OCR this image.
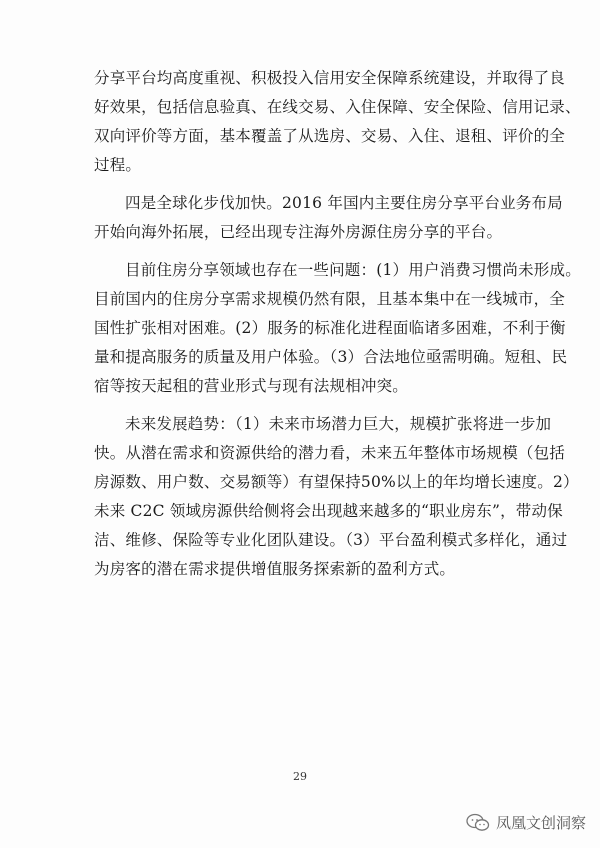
分享平台均高度重视、积极投入信用安全保障系统建设，并取得了良
好效果，包括信息验真、在线交易、入住保障、安全保险、信用记录、
双向评价等方面，基本覆盖了从选房、交易、入住、退租、评价的全
过程。
四是全球化步伐加快。2016 年国内主要住房分享平台业务布局
开始向海外拓展，已经出现专注海外房源住房分享的平台。
目前住房分享领域也存在一些问题：(1）用户消费习惯尚未形成。
目前国内的住房分享需求规模仍然有限，且基本集中在一线城市，全
国性扩张相对困难。(2）服务的标准化进程面临诸多困难，不利于衡
量和提高服务的质量及用户体验。（3）合法地位亟需明确。短租、民
宿等按天起租的营业形式与现有法规相冲突。
未来发展趋势：（1）未来市场潜力巨大，规模扩张将进一步加
快。从潜在需求和资源供给的潜力看，未来五年整体市场规模（包括
房源数、用户数、交易额等）有望保持50%以上的年均增长速度。2）
未来 C2C 领域房源供给侧将会出现越来越多的“职业房东”，带动保
洁、维修、保险等专业化团队建设。（3）平台盈利模式多样化，通过
为房客的潜在需求提供增值服务探索新的盈利方式。
29
凤凰文创洞察
